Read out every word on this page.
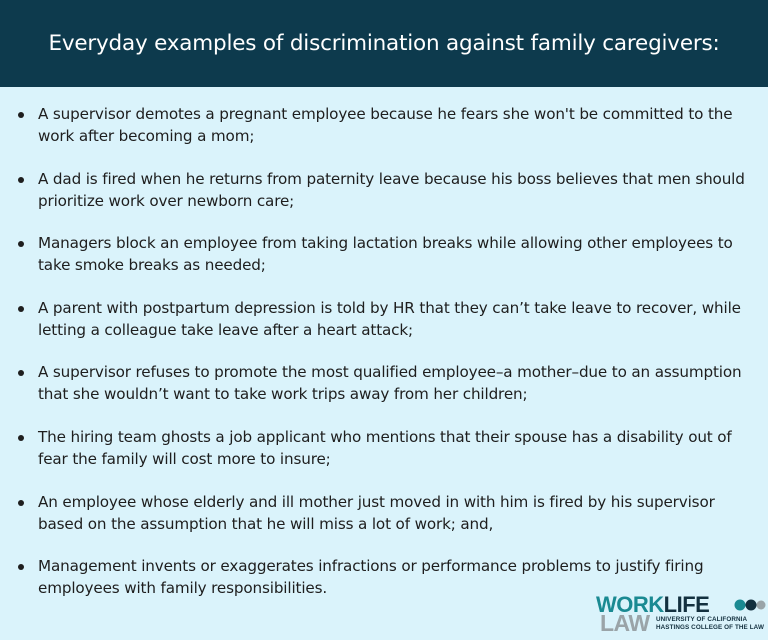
Everyday examples of discrimination against family caregivers:
A supervisor demotes a pregnant employee because he fears she won't be committed to the work after becoming a mom;
A dad is fired when he returns from paternity leave because his boss believes that men should prioritize work over newborn care;
Managers block an employee from taking lactation breaks while allowing other employees to take smoke breaks as needed;
A parent with postpartum depression is told by HR that they can’t take leave to recover, while letting a colleague take leave after a heart attack;
A supervisor refuses to promote the most qualified employee–a mother–due to an assumption that she wouldn’t want to take work trips away from her children;
The hiring team ghosts a job applicant who mentions that their spouse has a disability out of fear the family will cost more to insure;
An employee whose elderly and ill mother just moved in with him is fired by his supervisor based on the assumption that he will miss a lot of work; and,
Management invents or exaggerates infractions or performance problems to justify firing employees with family responsibilities.
WORKLIFE
LAW UNIVERSITY OF CALIFORNIA
HASTINGS COLLEGE OF THE LAW
